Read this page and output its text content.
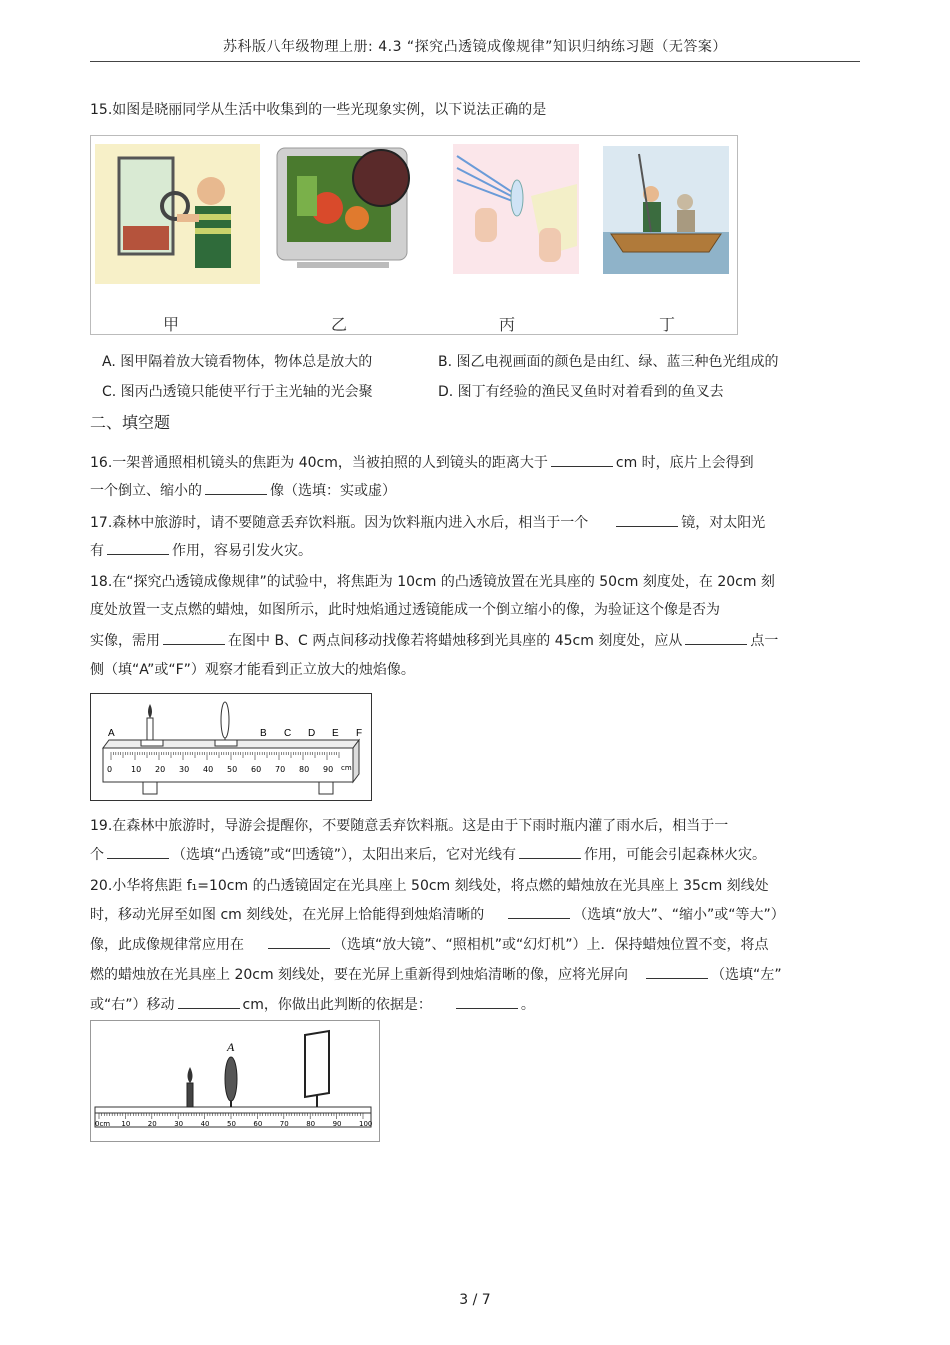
苏科版八年级物理上册: 4.3 “探究凸透镜成像规律”知识归纳练习题（无答案）
15.如图是晓丽同学从生活中收集到的一些光现象实例，以下说法正确的是
甲	乙	丙	丁
A. 图甲隔着放大镜看物体，物体总是放大的	B. 图乙电视画面的颜色是由红、绿、蓝三种色光组成的
C. 图丙凸透镜只能使平行于主光轴的光会聚	D. 图丁有经验的渔民叉鱼时对着看到的鱼叉去
二、填空题
16.一架普通照相机镜头的焦距为 40cm，当被拍照的人到镜头的距离大于	cm 时，底片上会得到
一个倒立、缩小的	像（选填：实或虚）
17.森林中旅游时，请不要随意丢弃饮料瓶。因为饮料瓶内进入水后，相当于一个	镜，对太阳光
有	作用，容易引发火灾。
18.在“探究凸透镜成像规律”的试验中，将焦距为 10cm 的凸透镜放置在光具座的 50cm 刻度处，在 20cm 刻
度处放置一支点燃的蜡烛，如图所示，此时烛焰通过透镜能成一个倒立缩小的像，为验证这个像是否为
实像，需用	在图中 B、C 两点间移动找像若将蜡烛移到光具座的 45cm 刻度处，应从	点一
侧（填“A”或“F”）观察才能看到正立放大的烛焰像。
0 10 20 30 40 50 60 70 80 90 cm
A	B C D E F
19.在森林中旅游时，导游会提醒你，不要随意丢弃饮料瓶。这是由于下雨时瓶内灌了雨水后，相当于一
个	（选填“凸透镜”或“凹透镜”），太阳出来后，它对光线有	作用，可能会引起森林火灾。
20.小华将焦距 f₁=10cm 的凸透镜固定在光具座上 50cm 刻线处，将点燃的蜡烛放在光具座上 35cm 刻线处
时，移动光屏至如图 cm 刻线处，在光屏上恰能得到烛焰清晰的	（选填“放大”、“缩小”或“等大”）
像，此成像规律常应用在	（选填“放大镜”、“照相机”或“幻灯机”）上．保持蜡烛位置不变，将点
燃的蜡烛放在光具座上 20cm 刻线处，要在光屏上重新得到烛焰清晰的像，应将光屏向	（选填“左”
或“右”）移动	cm，你做出此判断的依据是：	。
0cm 10 20 30 40 50 60 70 80 90 100
A
3 / 7
